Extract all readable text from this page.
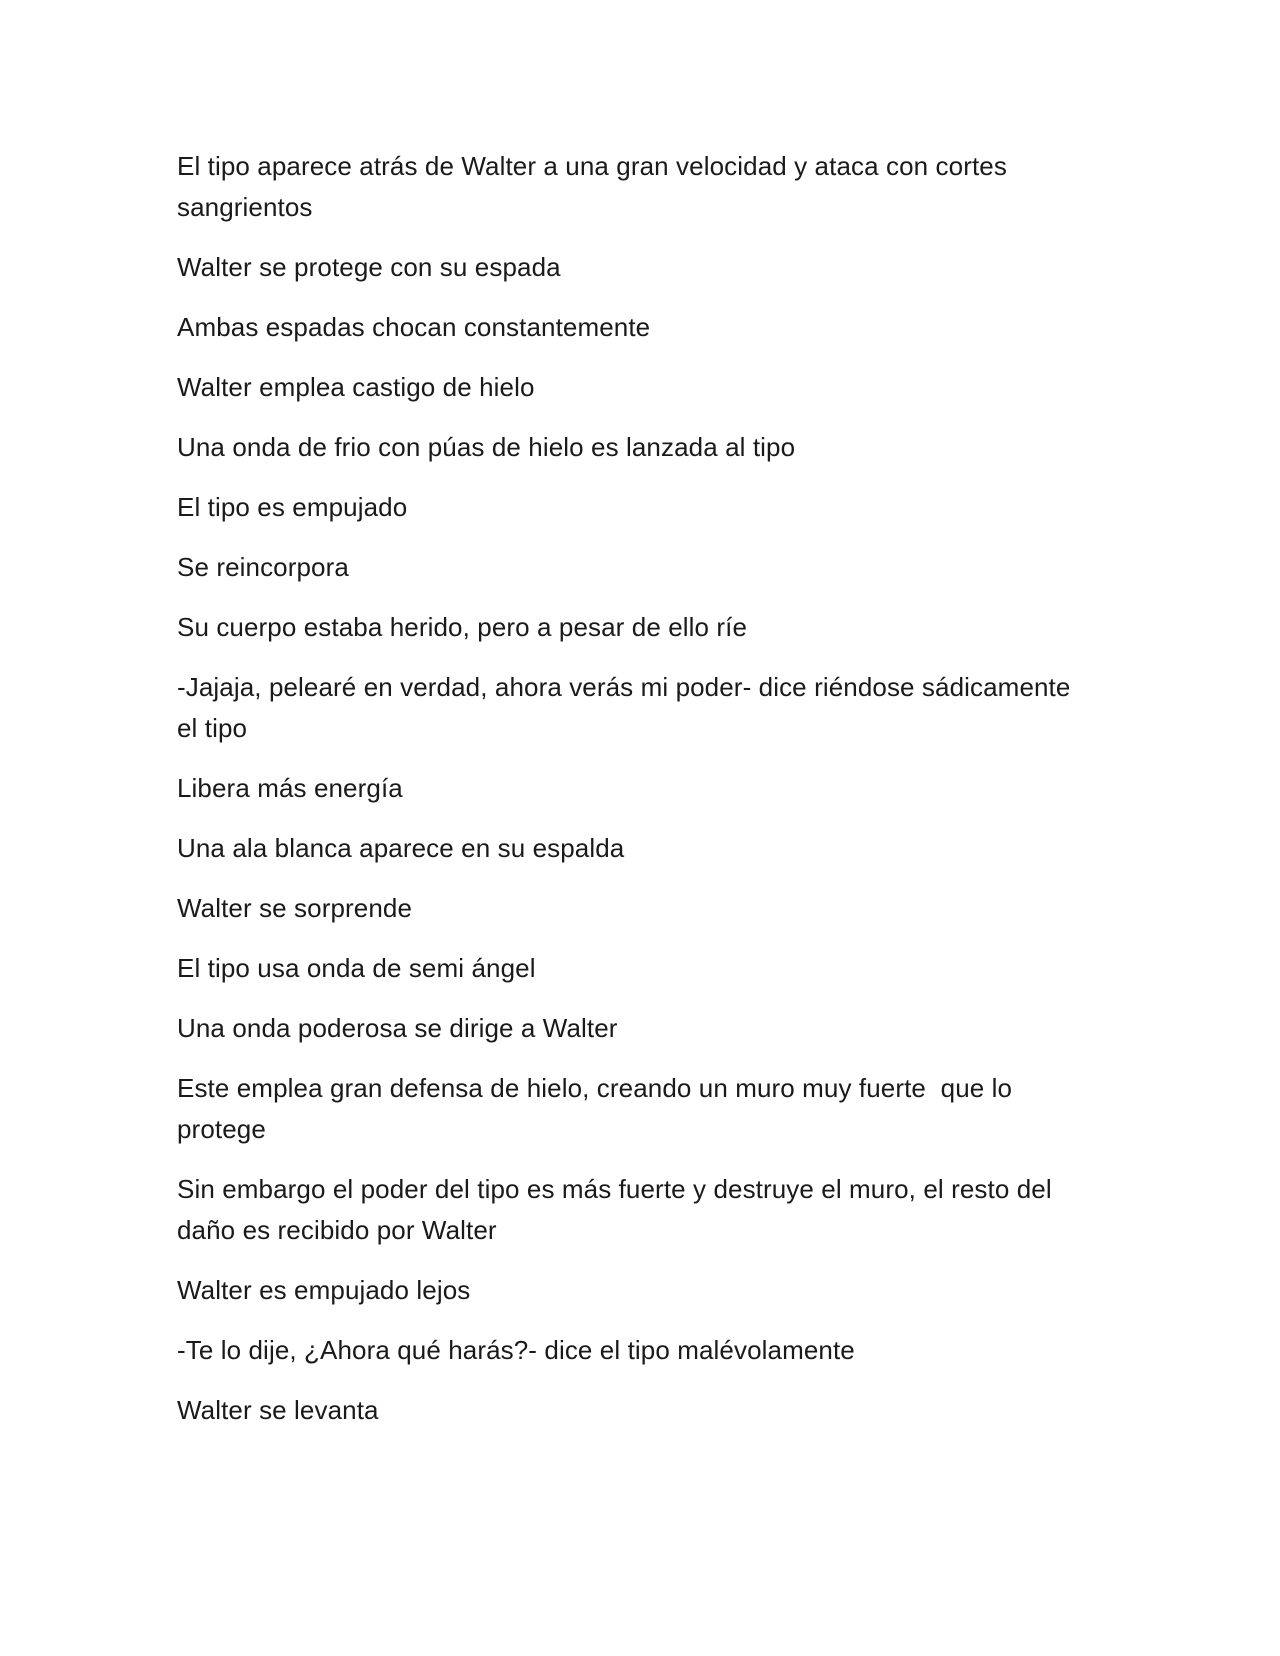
El tipo aparece atrás de Walter a una gran velocidad y ataca con cortes sangrientos

Walter se protege con su espada

Ambas espadas chocan constantemente

Walter emplea castigo de hielo

Una onda de frio con púas de hielo es lanzada al tipo

El tipo es empujado

Se reincorpora

Su cuerpo estaba herido, pero a pesar de ello ríe

-Jajaja, pelearé en verdad, ahora verás mi poder- dice riéndose sádicamente el tipo

Libera más energía

Una ala blanca aparece en su espalda

Walter se sorprende

El tipo usa onda de semi ángel

Una onda poderosa se dirige a Walter

Este emplea gran defensa de hielo, creando un muro muy fuerte  que lo protege

Sin embargo el poder del tipo es más fuerte y destruye el muro, el resto del daño es recibido por Walter

Walter es empujado lejos

-Te lo dije, ¿Ahora qué harás?- dice el tipo malévolamente

Walter se levanta
